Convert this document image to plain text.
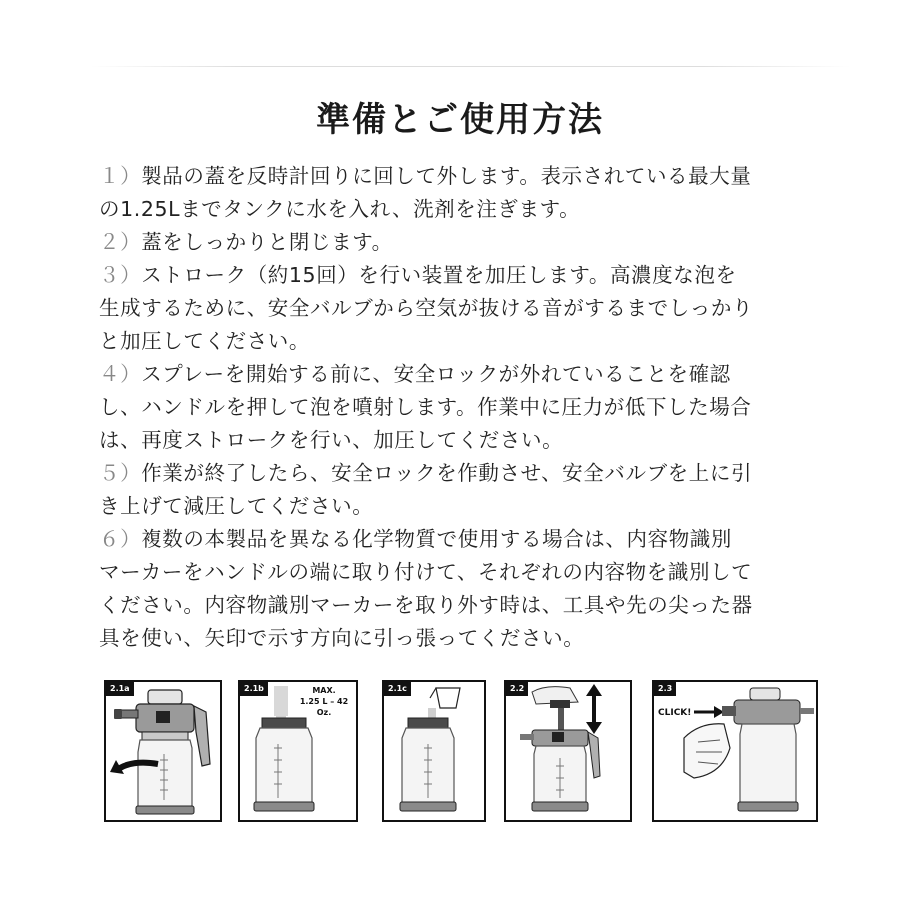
準備とご使用方法
１）製品の蓋を反時計回りに回して外します。表示されている最大量
の1.25Lまでタンクに水を入れ、洗剤を注ぎます。
２）蓋をしっかりと閉じます。
３）ストローク（約15回）を行い装置を加圧します。高濃度な泡を
生成するために、安全バルブから空気が抜ける音がするまでしっかり
と加圧してください。
４）スプレーを開始する前に、安全ロックが外れていることを確認
し、ハンドルを押して泡を噴射します。作業中に圧力が低下した場合
は、再度ストロークを行い、加圧してください。
５）作業が終了したら、安全ロックを作動させ、安全バルブを上に引
き上げて減圧してください。
６）複数の本製品を異なる化学物質で使用する場合は、内容物識別
マーカーをハンドルの端に取り付けて、それぞれの内容物を識別して
ください。内容物識別マーカーを取り外す時は、工具や先の尖った器
具を使い、矢印で示す方向に引っ張ってください。
2.1a	2.1b	MAX.
1.25 L – 42 Oz.
2.1c	2.2	2.3
CLICK!
